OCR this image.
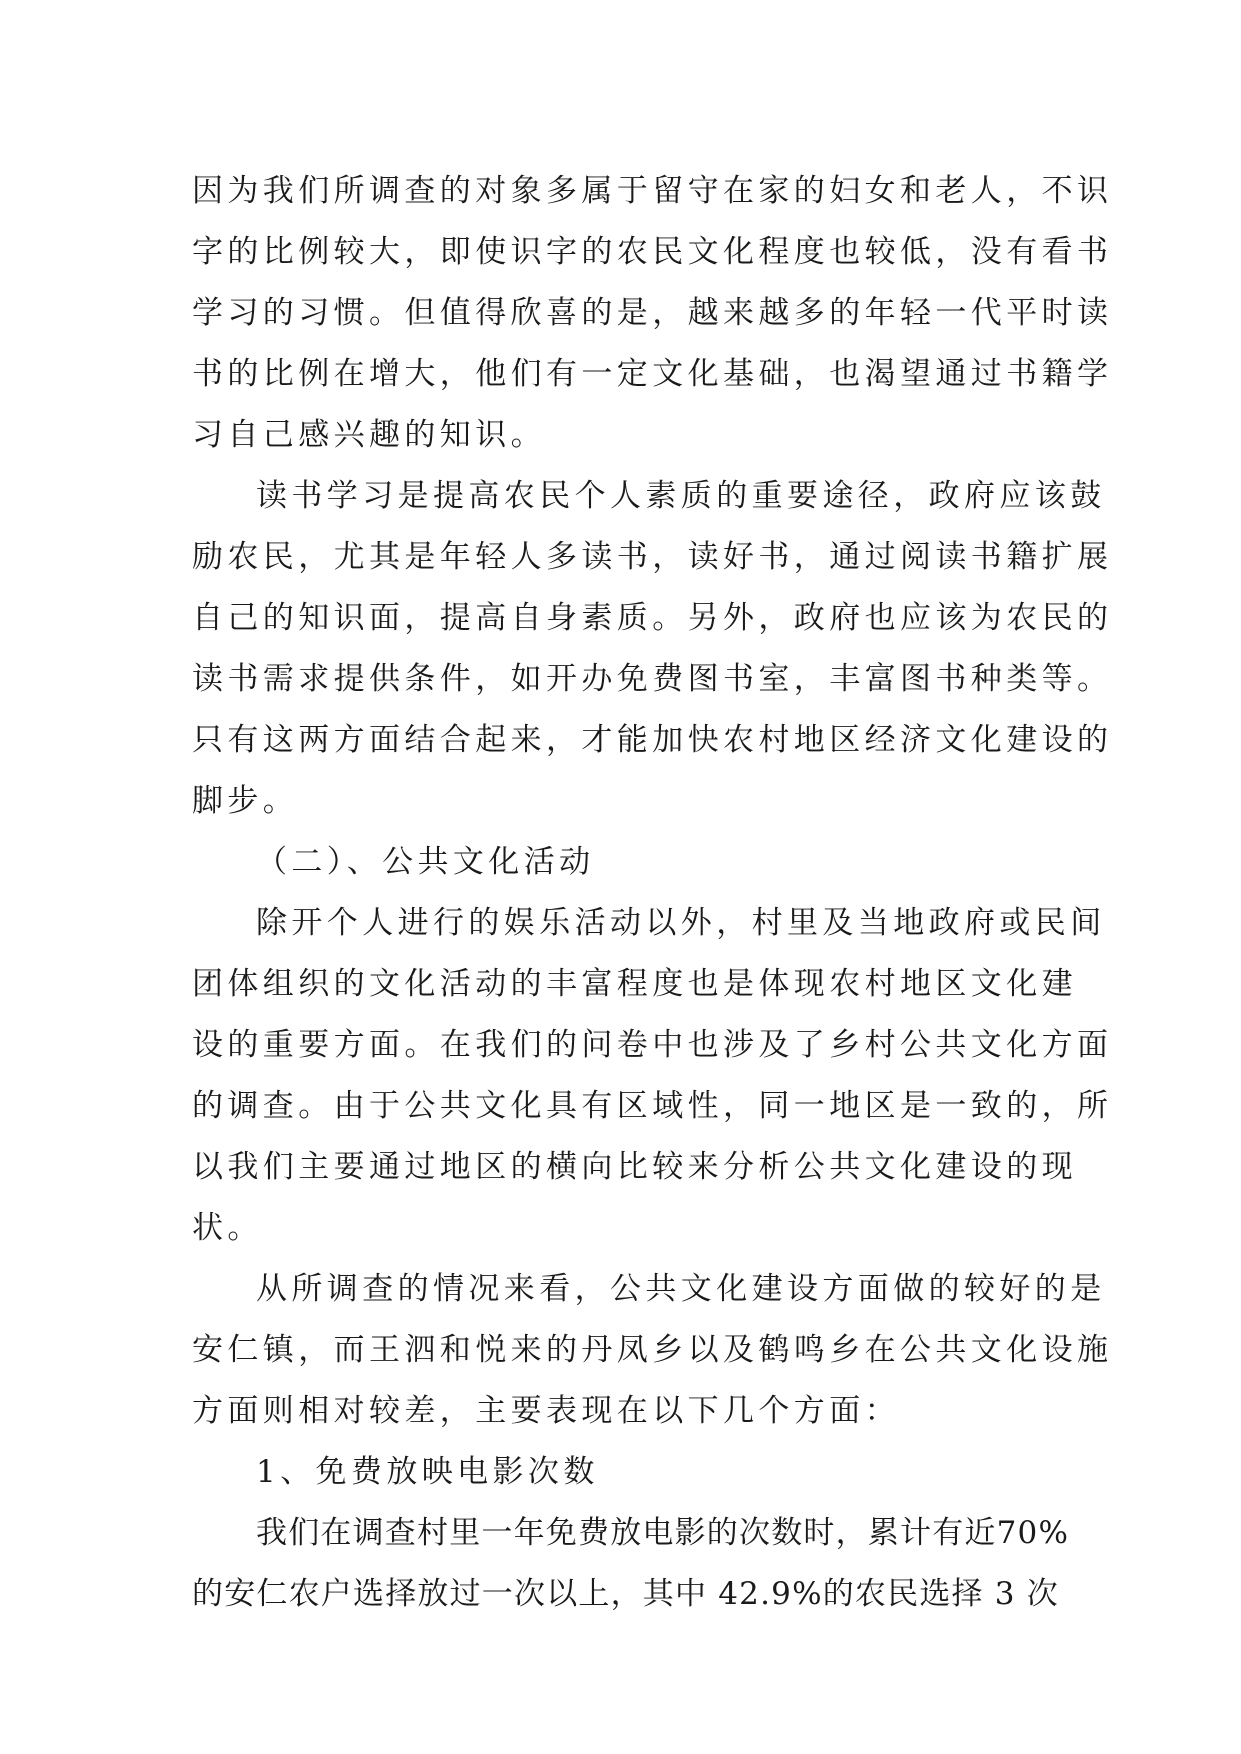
因为我们所调查的对象多属于留守在家的妇女和老人，不识
字的比例较大，即使识字的农民文化程度也较低，没有看书
学习的习惯。但值得欣喜的是，越来越多的年轻一代平时读
书的比例在增大，他们有一定文化基础，也渴望通过书籍学
习自己感兴趣的知识。
读书学习是提高农民个人素质的重要途径，政府应该鼓
励农民，尤其是年轻人多读书，读好书，通过阅读书籍扩展
自己的知识面，提高自身素质。另外，政府也应该为农民的
读书需求提供条件，如开办免费图书室，丰富图书种类等。
只有这两方面结合起来，才能加快农村地区经济文化建设的
脚步。
（二）、公共文化活动
除开个人进行的娱乐活动以外，村里及当地政府或民间
团体组织的文化活动的丰富程度也是体现农村地区文化建
设的重要方面。在我们的问卷中也涉及了乡村公共文化方面
的调查。由于公共文化具有区域性，同一地区是一致的，所
以我们主要通过地区的横向比较来分析公共文化建设的现
状。
从所调查的情况来看，公共文化建设方面做的较好的是
安仁镇，而王泗和悦来的丹凤乡以及鹤鸣乡在公共文化设施
方面则相对较差，主要表现在以下几个方面：
1、免费放映电影次数
我们在调查村里一年免费放电影的次数时，累计有近70%
的安仁农户选择放过一次以上，其中 42.9%的农民选择 3 次
